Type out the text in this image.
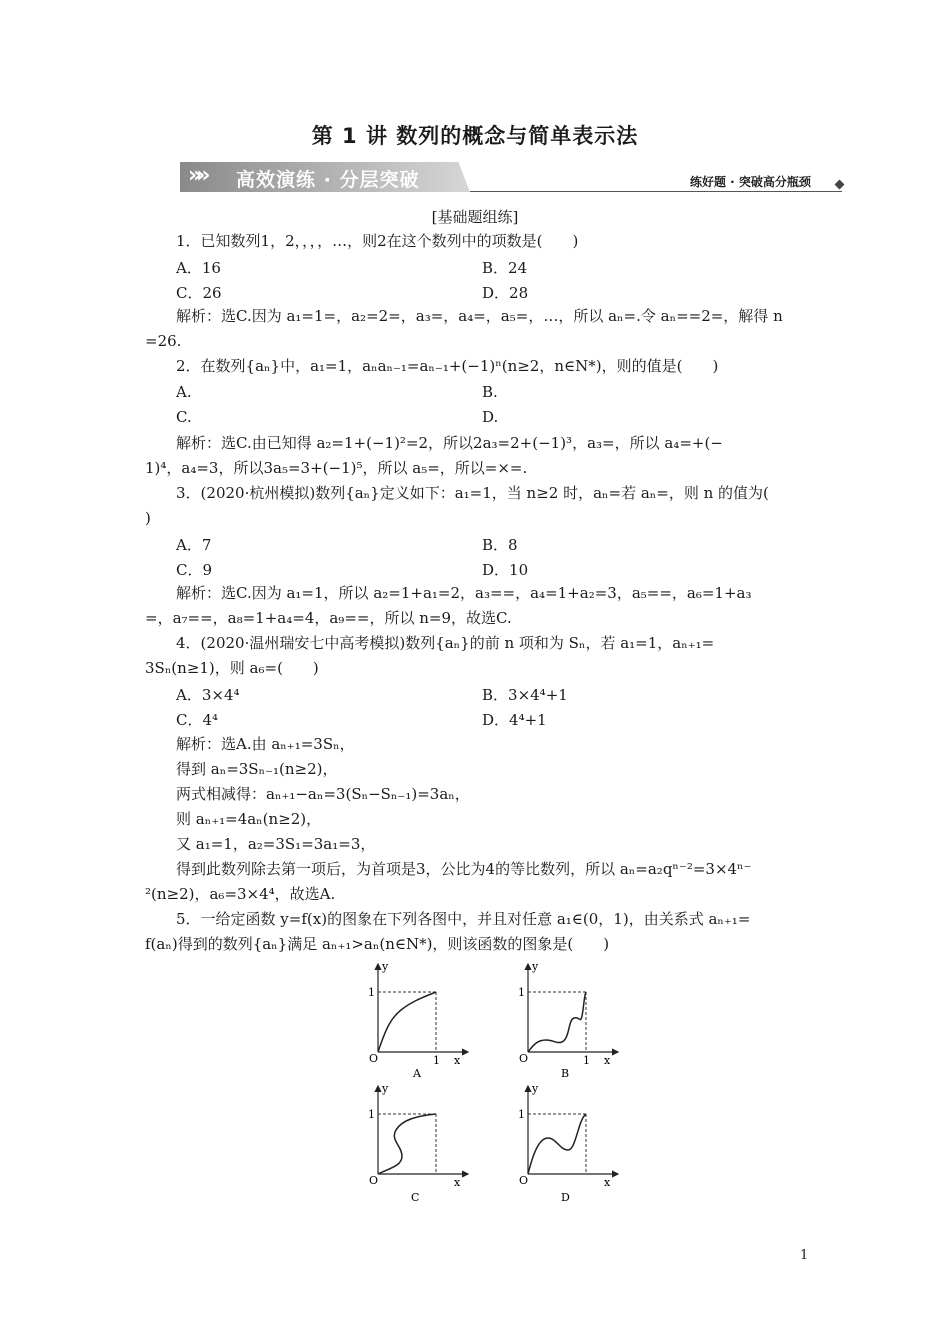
第 1 讲 数列的概念与简单表示法
»» 高效演练 · 分层突破	练好题 · 突破高分瓶颈
[基础题组练]
1．已知数列1，2，，，，…，则2在这个数列中的项数是(　　)
A．16	B．24
C．26	D．28
解析：选C.因为 a₁=1=，a₂=2=，a₃=，a₄=，a₅=，…，所以 aₙ=.令 aₙ==2=，解得 n
=26.
2．在数列{aₙ}中，a₁=1，aₙaₙ₋₁=aₙ₋₁+(−1)ⁿ(n≥2，n∈N*)，则的值是(　　)
A.	B.
C.	D.
解析：选C.由已知得 a₂=1+(−1)²=2，所以2a₃=2+(−1)³，a₃=，所以 a₄=+(−
1)⁴，a₄=3，所以3a₅=3+(−1)⁵，所以 a₅=，所以=×=.
3．(2020·杭州模拟)数列{aₙ}定义如下：a₁=1，当 n≥2 时，aₙ=若 aₙ=，则 n 的值为(
)
A．7	B．8
C．9	D．10
解析：选C.因为 a₁=1，所以 a₂=1+a₁=2，a₃==，a₄=1+a₂=3，a₅==，a₆=1+a₃
=，a₇==，a₈=1+a₄=4，a₉==，所以 n=9，故选C.
4．(2020·温州瑞安七中高考模拟)数列{aₙ}的前 n 项和为 Sₙ，若 a₁=1，aₙ₊₁=
3Sₙ(n≥1)，则 a₆=(　　)
A．3×4⁴	B．3×4⁴+1
C．4⁴	D．4⁴+1
解析：选A.由 aₙ₊₁=3Sₙ，
得到 aₙ=3Sₙ₋₁(n≥2)，
两式相减得：aₙ₊₁−aₙ=3(Sₙ−Sₙ₋₁)=3aₙ，
则 aₙ₊₁=4aₙ(n≥2)，
又 a₁=1，a₂=3S₁=3a₁=3，
得到此数列除去第一项后，为首项是3，公比为4的等比数列，所以 aₙ=a₂qⁿ⁻²=3×4ⁿ⁻
²(n≥2)，a₆=3×4⁴，故选A.
5．一给定函数 y=f(x)的图象在下列各图中，并且对任意 a₁∈(0，1)，由关系式 aₙ₊₁=
f(aₙ)得到的数列{aₙ}满足 aₙ₊₁>aₙ(n∈N*)，则该函数的图象是(　　)
y
1
O	1 x
A
y
1
O	1 x
B
y
1
O	x
C
y
1
O	x
D
1
